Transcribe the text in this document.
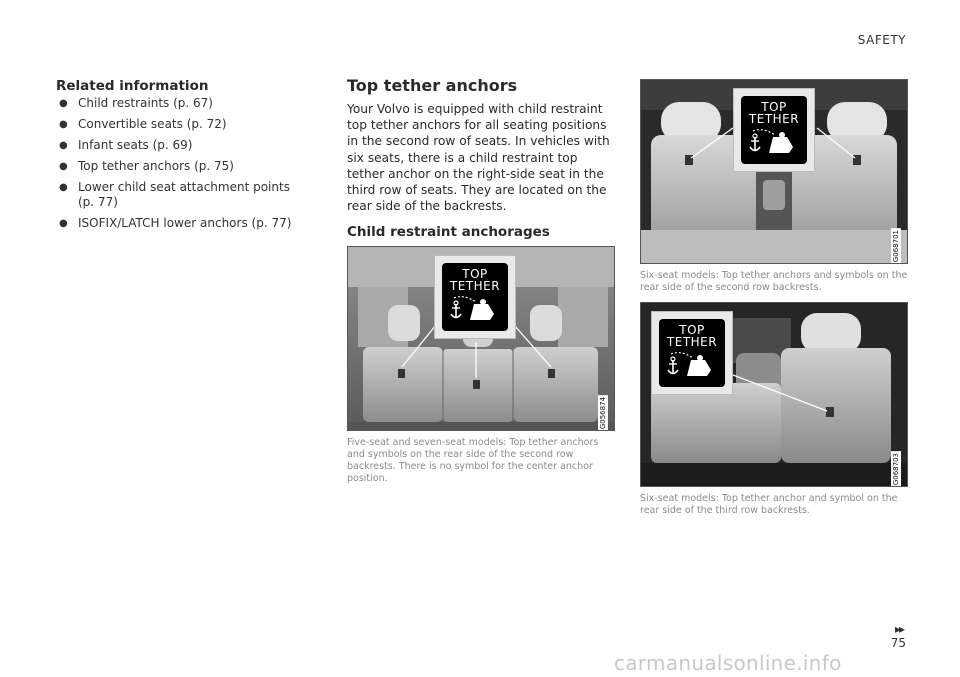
SAFETY
Related information
● Child restraints (p. 67)
● Convertible seats (p. 72)
● Infant seats (p. 69)
● Top tether anchors (p. 75)
● Lower child seat attachment points (p. 77)
● ISOFIX/LATCH lower anchors (p. 77)
Top tether anchors

Your Volvo is equipped with child restraint top tether anchors for all seating positions in the second row of seats. In vehicles with six seats, there is a child restraint top tether anchor on the right-side seat in the third row of seats. They are located on the rear side of the backrests.

Child restraint anchorages
TOP
TETHER
G056874

Five-seat and seven-seat models: Top tether anchors and symbols on the rear side of the second row backrests. There is no symbol for the center anchor position.

TOP
TETHER
G068701

Six-seat models: Top tether anchors and symbols on the rear side of the second row backrests.

TOP
TETHER
G068703

Six-seat models: Top tether anchor and symbol on the rear side of the third row backrests.

▸▸
75
carmanualsonline.info
